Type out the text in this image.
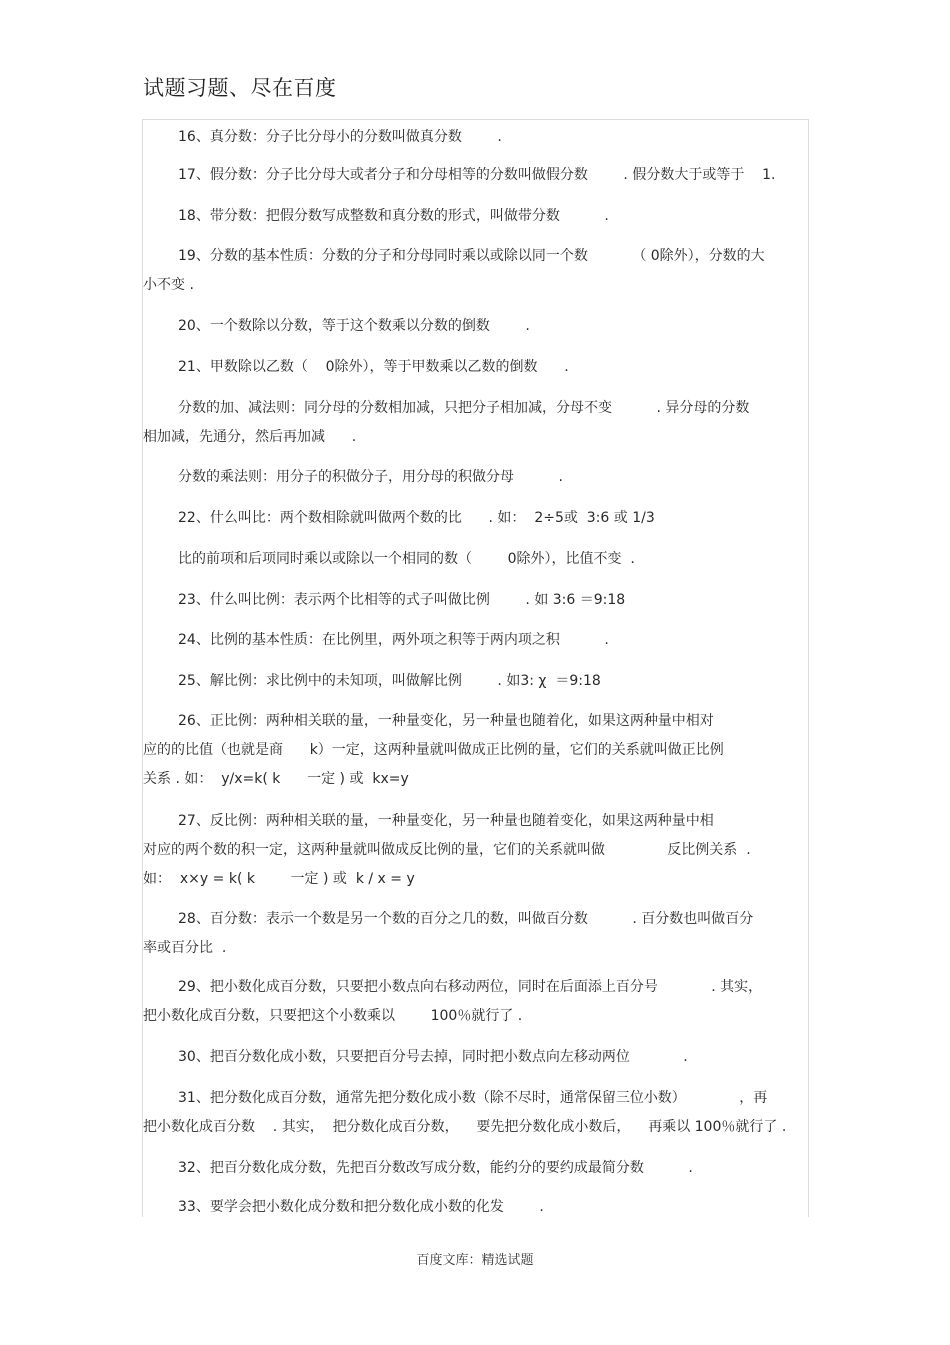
试题习题、尽在百度
16、真分数：分子比分母小的分数叫做真分数        .
17、假分数：分子比分母大或者分子和分母相等的分数叫做假分数        . 假分数大于或等于    1.
18、带分数：把假分数写成整数和真分数的形式，叫做带分数          .
19、分数的基本性质：分数的分子和分母同时乘以或除以同一个数          （ 0除外），分数的大
小不变 .
20、一个数除以分数，等于这个数乘以分数的倒数        .
21、甲数除以乙数（    0除外），等于甲数乘以乙数的倒数      .
分数的加、减法则：同分母的分数相加减，只把分子相加减，分母不变          . 异分母的分数
相加减，先通分，然后再加减      .
分数的乘法则：用分子的积做分子，用分母的积做分母          .
22、什么叫比：两个数相除就叫做两个数的比      . 如：  2÷5或  3:6 或 1/3
比的前项和后项同时乘以或除以一个相同的数（        0除外），比值不变  .
23、什么叫比例：表示两个比相等的式子叫做比例        . 如 3:6 ＝9:18
24、比例的基本性质：在比例里，两外项之积等于两内项之积          .
25、解比例：求比例中的未知项，叫做解比例        . 如3: χ  ＝9:18
26、正比例：两种相关联的量，一种量变化，另一种量也随着化，如果这两种量中相对
应的的比值（也就是商      k）一定，这两种量就叫做成正比例的量，它们的关系就叫做正比例
关系 . 如：  y/x=k( k      一定 ) 或  kx=y
27、反比例：两种相关联的量，一种量变化，另一种量也随着变化，如果这两种量中相
对应的两个数的积一定，这两种量就叫做成反比例的量，它们的关系就叫做              反比例关系  .
如：  x×y = k( k        一定 ) 或  k / x = y
28、百分数：表示一个数是另一个数的百分之几的数，叫做百分数          . 百分数也叫做百分
率或百分比  .
29、把小数化成百分数，只要把小数点向右移动两位，同时在后面添上百分号            . 其实，
把小数化成百分数，只要把这个小数乘以        100％就行了 .
30、把百分数化成小数，只要把百分号去掉，同时把小数点向左移动两位            .
31、把分数化成百分数，通常先把分数化成小数（除不尽时，通常保留三位小数）            ，再
把小数化成百分数    . 其实，  把分数化成百分数，    要先把分数化成小数后，    再乘以 100％就行了 .
32、把百分数化成分数，先把百分数改写成分数，能约分的要约成最简分数          .
33、要学会把小数化成分数和把分数化成小数的化发        .
百度文库：精选试题
